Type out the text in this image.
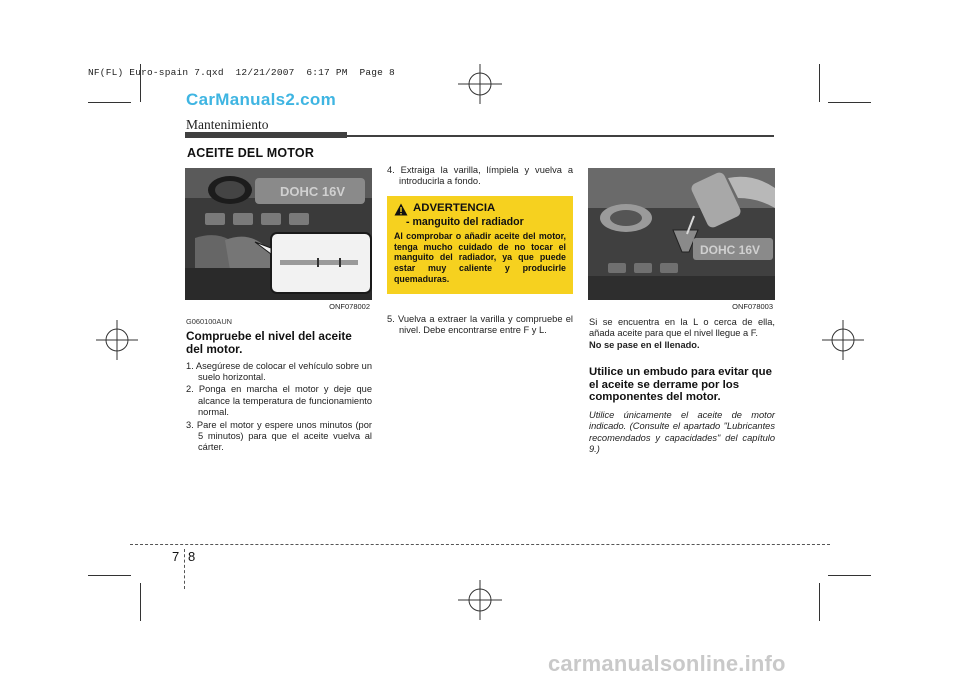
NF(FL) Euro-spain 7.qxd  12/21/2007  6:17 PM  Page 8
CarManuals2.com
Mantenimiento
ACEITE DEL MOTOR
DOHC 16V
ONF078002
DOHC 16V
ONF078003
G060100AUN
Compruebe el nivel del aceite del motor.
1. Asegúrese de colocar el vehículo sobre un suelo horizontal.
2. Ponga en marcha el motor y deje que alcance la temperatura de funcionamiento normal.
3. Pare el motor y espere unos minutos (por 5 minutos) para que el aceite vuelva al cárter.
4. Extraiga la varilla, límpiela y vuelva a introducirla a fondo.
ADVERTENCIA
- manguito del radiador
Al comprobar o añadir aceite del motor, tenga mucho cuidado de no tocar el manguito del radiador, ya que puede estar muy caliente y producirle quemaduras.
5. Vuelva a extraer la varilla y compruebe el nivel. Debe encontrarse entre F y L.
Si se encuentra en la L o cerca de ella, añada aceite para que el nivel llegue a F.
No se pase en el llenado.
Utilice un embudo para evitar que el aceite se derrame por los componentes del motor.
Utilice únicamente el aceite de motor indicado. (Consulte el apartado "Lubricantes recomendados y capacidades" del capítulo 9.)
7 8
carmanualsonline.info
